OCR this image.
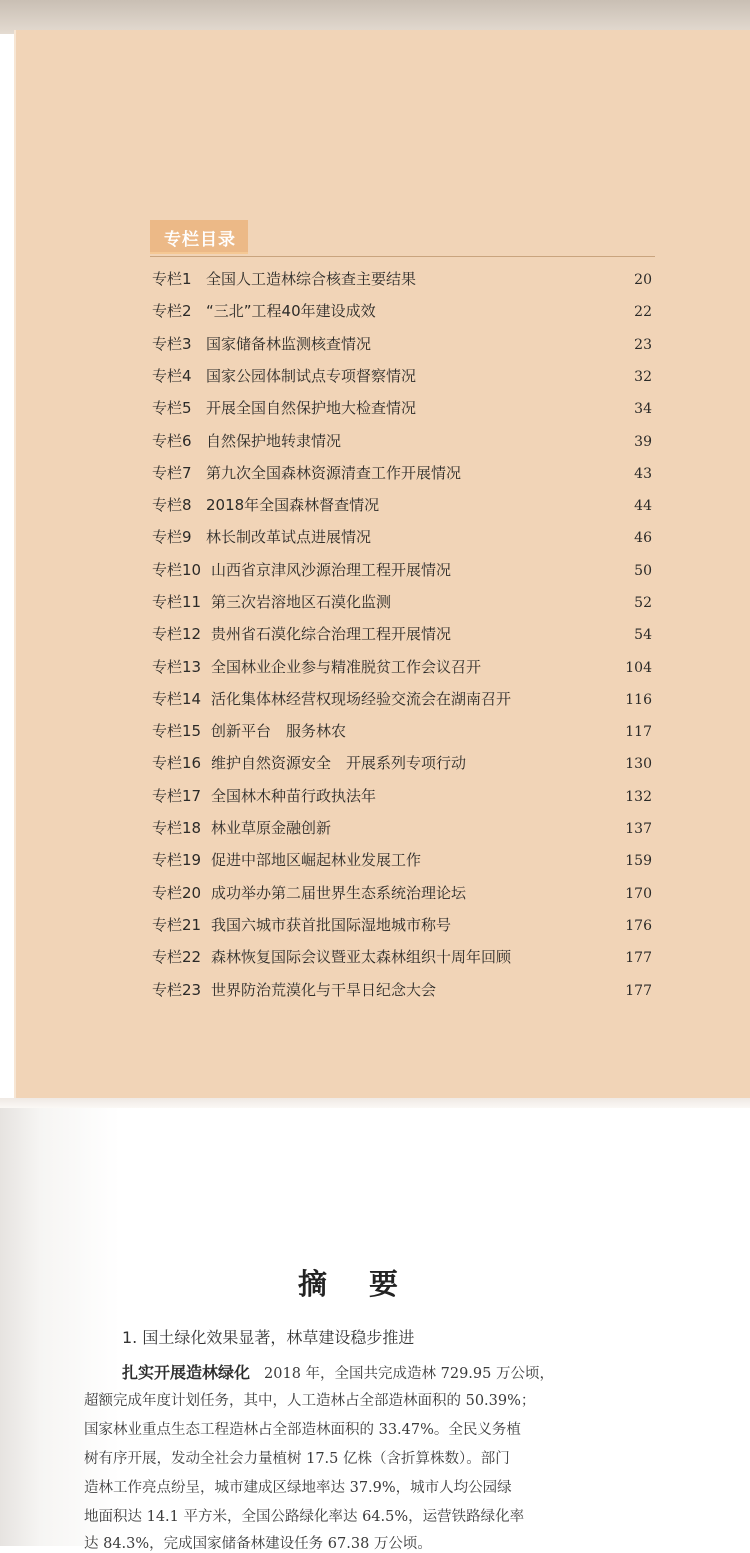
专栏目录
专栏1 全国人工造林综合核查主要结果	20
专栏2 “三北”工程40年建设成效	22
专栏3 国家储备林监测核查情况	23
专栏4 国家公园体制试点专项督察情况	32
专栏5 开展全国自然保护地大检查情况	34
专栏6 自然保护地转隶情况	39
专栏7 第九次全国森林资源清查工作开展情况	43
专栏8 2018年全国森林督查情况	44
专栏9 林长制改革试点进展情况	46
专栏10 山西省京津风沙源治理工程开展情况	50
专栏11 第三次岩溶地区石漠化监测	52
专栏12 贵州省石漠化综合治理工程开展情况	54
专栏13 全国林业企业参与精准脱贫工作会议召开	104
专栏14 活化集体林经营权现场经验交流会在湖南召开	116
专栏15 创新平台　服务林农	117
专栏16 维护自然资源安全　开展系列专项行动	130
专栏17 全国林木种苗行政执法年	132
专栏18 林业草原金融创新	137
专栏19 促进中部地区崛起林业发展工作	159
专栏20 成功举办第二届世界生态系统治理论坛	170
专栏21 我国六城市获首批国际湿地城市称号	176
专栏22 森林恢复国际会议暨亚太森林组织十周年回顾	177
专栏23 世界防治荒漠化与干旱日纪念大会	177
摘要
1. 国土绿化效果显著，林草建设稳步推进
扎实开展造林绿化 2018 年，全国共完成造林 729.95 万公顷，
超额完成年度计划任务，其中，人工造林占全部造林面积的 50.39%；
国家林业重点生态工程造林占全部造林面积的 33.47%。全民义务植
树有序开展，发动全社会力量植树 17.5 亿株（含折算株数）。部门
造林工作亮点纷呈，城市建成区绿地率达 37.9%，城市人均公园绿
地面积达 14.1 平方米，全国公路绿化率达 64.5%，运营铁路绿化率
达 84.3%，完成国家储备林建设任务 67.38 万公顷。
